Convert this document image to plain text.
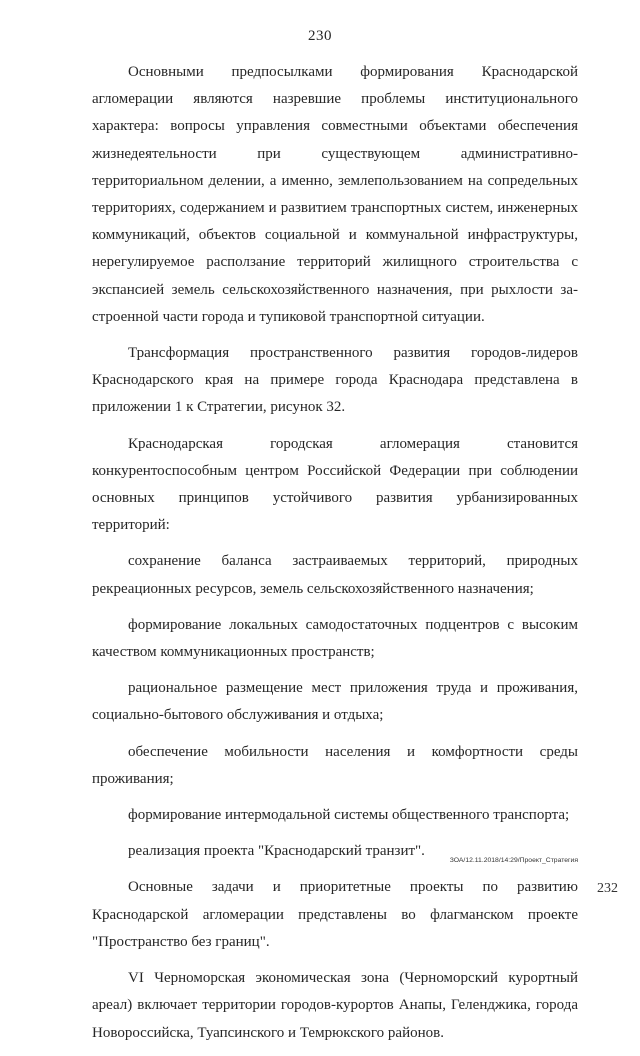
230

Основными предпосылками формирования Краснодарской агломерации являются назревшие проблемы институционального характера: вопросы управления совместными объектами обеспечения жизнедеятельности при существующем административно-территориальном делении, а именно, землепользованием на сопредельных территориях, содержанием и развитием транспортных систем, инженерных коммуникаций, объектов социальной и коммунальной инфраструктуры, нерегулируемое расползание территорий жилищного строительства с экспансией земель сельскохозяйственного назначения, при рыхлости застроенной части города и тупиковой транспортной ситуации.

Трансформация пространственного развития городов-лидеров Краснодарского края на примере города Краснодара представлена в приложении 1 к Стратегии, рисунок 32.

Краснодарская городская агломерация становится конкурентоспособным центром Российской Федерации при соблюдении основных принципов устойчивого развития урбанизированных территорий:

сохранение баланса застраиваемых территорий, природных рекреационных ресурсов, земель сельскохозяйственного назначения;

формирование локальных самодостаточных подцентров с высоким качеством коммуникационных пространств;

рациональное размещение мест приложения труда и проживания, социально-бытового обслуживания и отдыха;

обеспечение мобильности населения и комфортности среды проживания;

формирование интермодальной системы общественного транспорта;

реализация проекта "Краснодарский транзит".

Основные задачи и приоритетные проекты по развитию Краснодарской агломерации представлены во флагманском проекте "Пространство без границ".

VI Черноморская экономическая зона (Черноморский курортный ареал) включает территории городов-курортов Анапы, Геленджика, города Новороссийска, Туапсинского и Темрюкского районов.

ЗОА/12.11.2018/14:29/Проект_Стратегия
232
